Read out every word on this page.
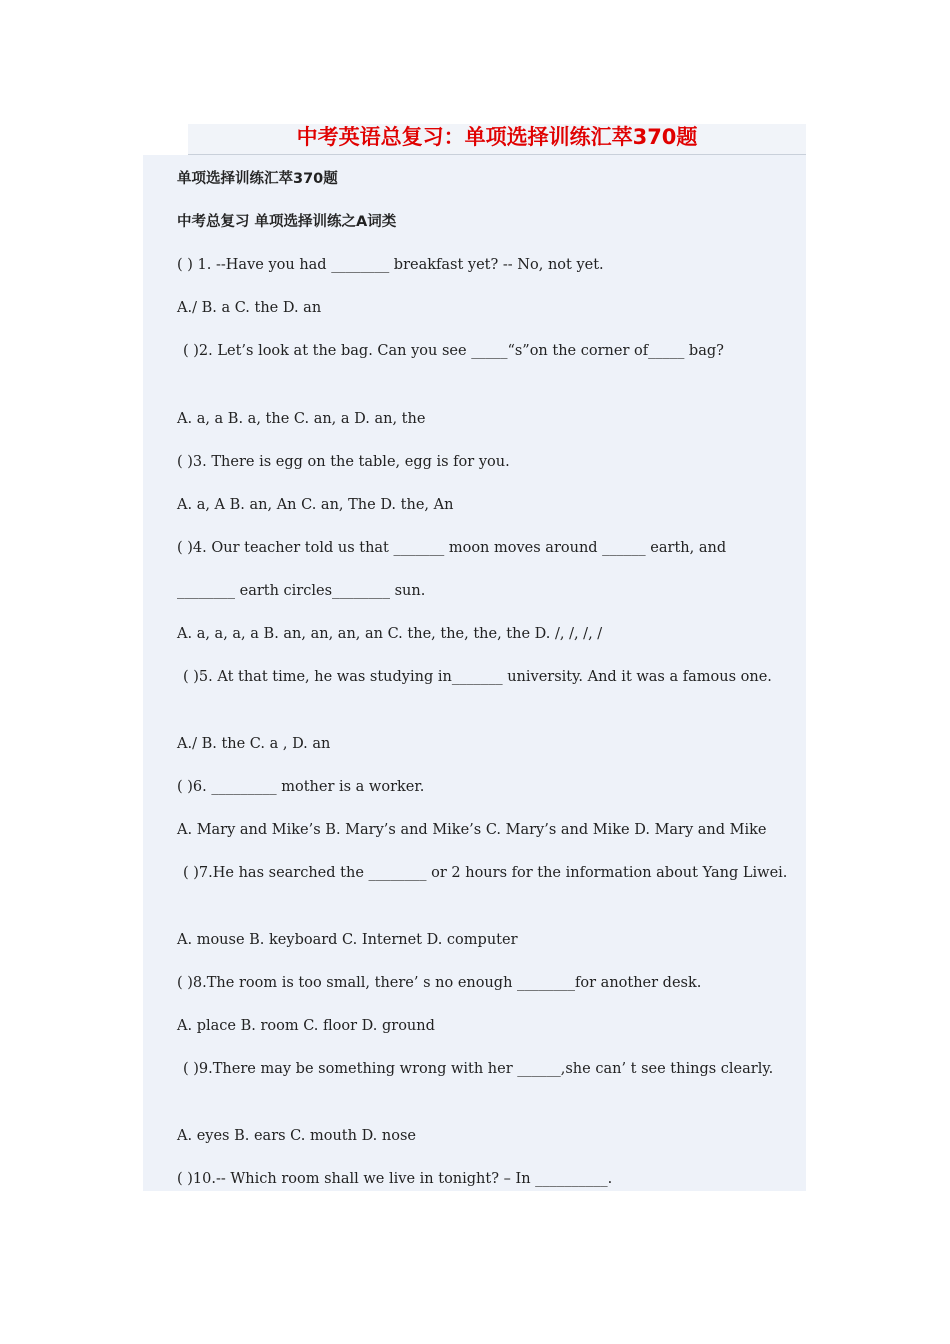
中考英语总复习：单项选择训练汇萃370题
单项选择训练汇萃370题
中考总复习 单项选择训练之A词类
( ) 1. --Have you had ________ breakfast yet? -- No, not yet.
A./ B. a C. the D. an
( )2. Let’s look at the bag. Can you see _____“s”on the corner of_____ bag?
A. a, a B. a, the C. an, a D. an, the
( )3. There is egg on the table, egg is for you.
A. a, A B. an, An C. an, The D. the, An
( )4. Our teacher told us that _______ moon moves around ______ earth, and
________ earth circles________ sun.
A. a, a, a, a B. an, an, an, an C. the, the, the, the D. /, /, /, /
( )5. At that time, he was studying in_______ university. And it was a famous one.
A./ B. the C. a , D. an
( )6. _________ mother is a worker.
A. Mary and Mike’s B. Mary’s and Mike’s C. Mary’s and Mike D. Mary and Mike
( )7.He has searched the ________ or 2 hours for the information about Yang Liwei.
A. mouse B. keyboard C. Internet D. computer
( )8.The room is too small, there’ s no enough ________for another desk.
A. place B. room C. floor D. ground
( )9.There may be something wrong with her ______,she can’ t see things clearly.
A. eyes B. ears C. mouth D. nose
( )10.-- Which room shall we live in tonight? – In __________.
